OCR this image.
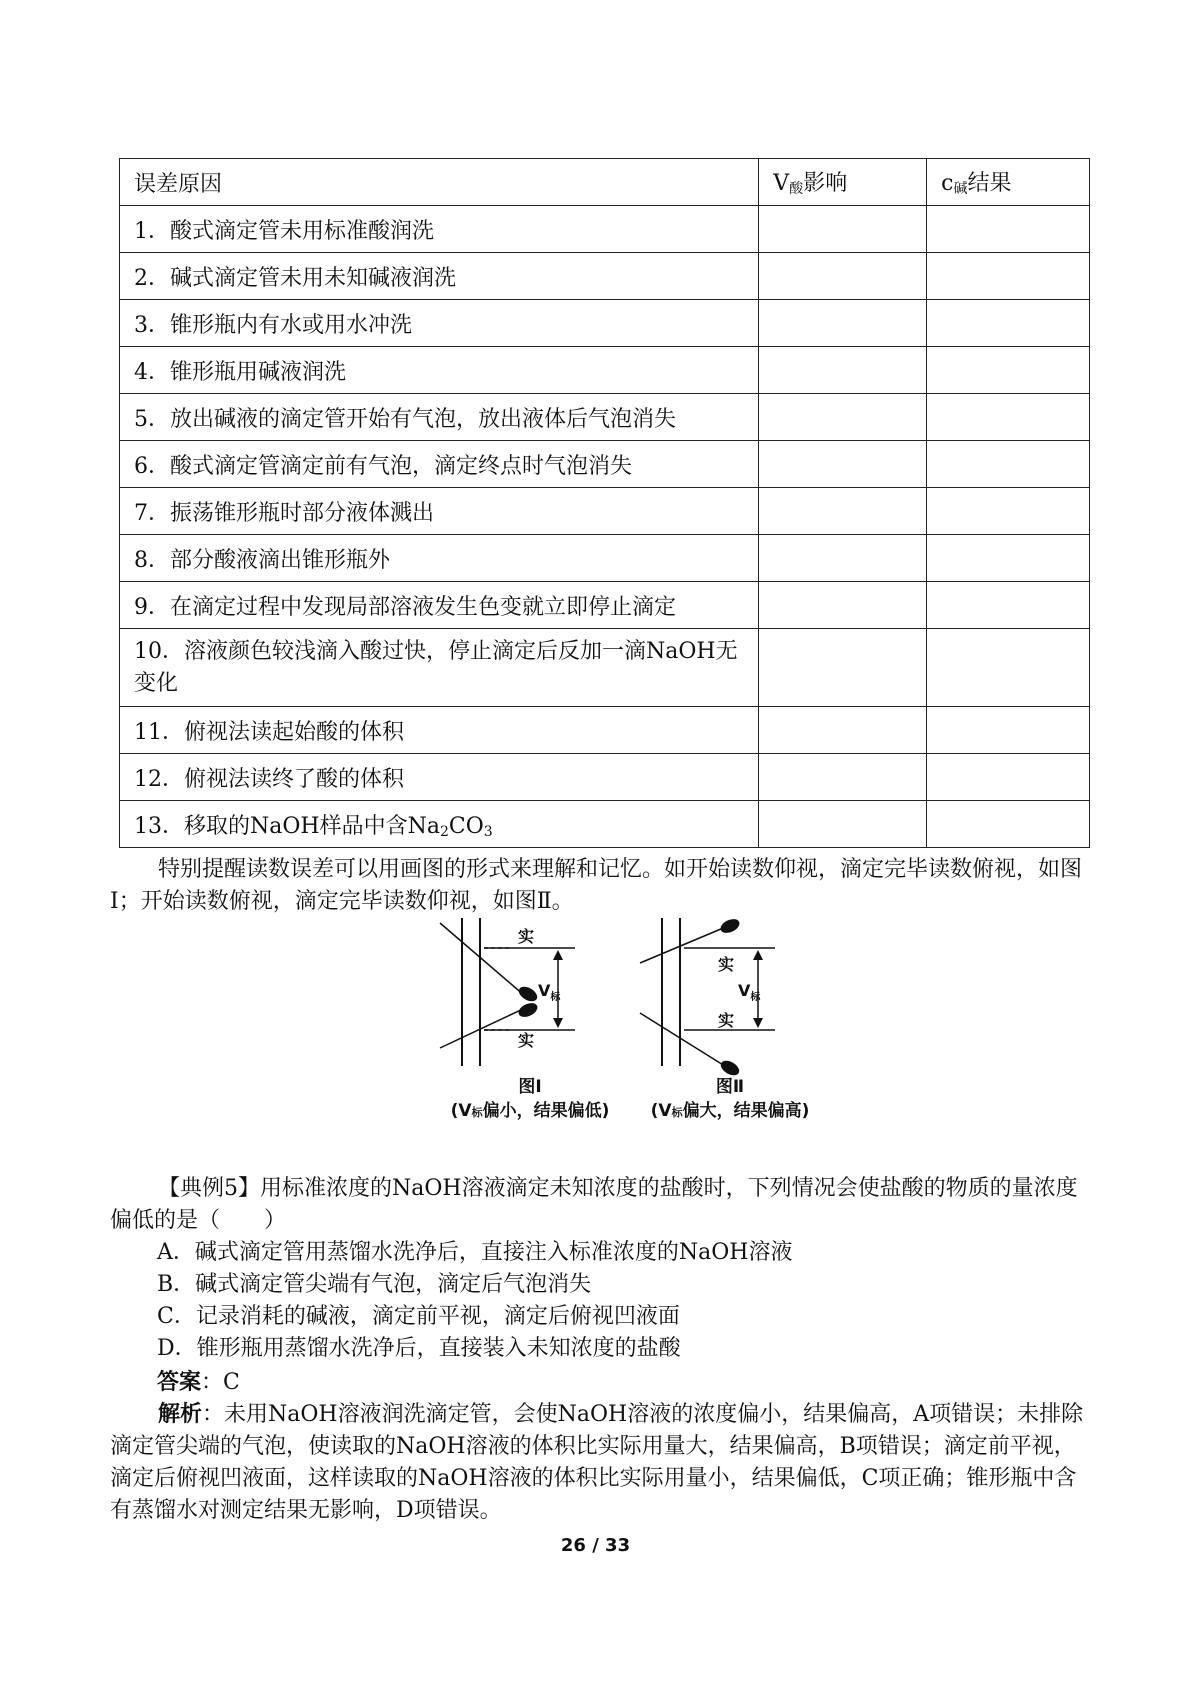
误差原因	$V_酸$影响	$c_碱$结果
1．酸式滴定管未用标准酸润洗		
2．碱式滴定管未用未知碱液润洗		
3．锥形瓶内有水或用水冲洗		
4．锥形瓶用碱液润洗		
5．放出碱液的滴定管开始有气泡，放出液体后气泡消失		
6．酸式滴定管滴定前有气泡，滴定终点时气泡消失		
7．振荡锥形瓶时部分液体溅出		
8．部分酸液滴出锥形瓶外		
9．在滴定过程中发现局部溶液发生色变就立即停止滴定		
10．溶液颜色较浅滴入酸过快，停止滴定后反加一滴NaOH无变化		
11．俯视法读起始酸的体积		
12．俯视法读终了酸的体积		
13．移取的NaOH样品中含$Na_2CO_3$		

特别提醒读数误差可以用画图的形式来理解和记忆。如开始读数仰视，滴定完毕读数俯视，如图Ⅰ；开始读数俯视，滴定完毕读数仰视，如图Ⅱ。

实
实
$V_标$
实
实
$V_标$
图Ⅰ
(V标偏小，结果偏低)
图Ⅱ
(V标偏大，结果偏高)

【典例5】用标准浓度的NaOH溶液滴定未知浓度的盐酸时，下列情况会使盐酸的物质的量浓度偏低的是（　　）

A．碱式滴定管用蒸馏水洗净后，直接注入标准浓度的NaOH溶液

B．碱式滴定管尖端有气泡，滴定后气泡消失

C．记录消耗的碱液，滴定前平视，滴定后俯视凹液面

D．锥形瓶用蒸馏水洗净后，直接装入未知浓度的盐酸

答案：C

解析：未用NaOH溶液润洗滴定管，会使NaOH溶液的浓度偏小，结果偏高，A项错误；未排除滴定管尖端的气泡，使读取的NaOH溶液的体积比实际用量大，结果偏高，B项错误；滴定前平视，滴定后俯视凹液面，这样读取的NaOH溶液的体积比实际用量小，结果偏低，C项正确；锥形瓶中含有蒸馏水对测定结果无影响，D项错误。

26 / 33
